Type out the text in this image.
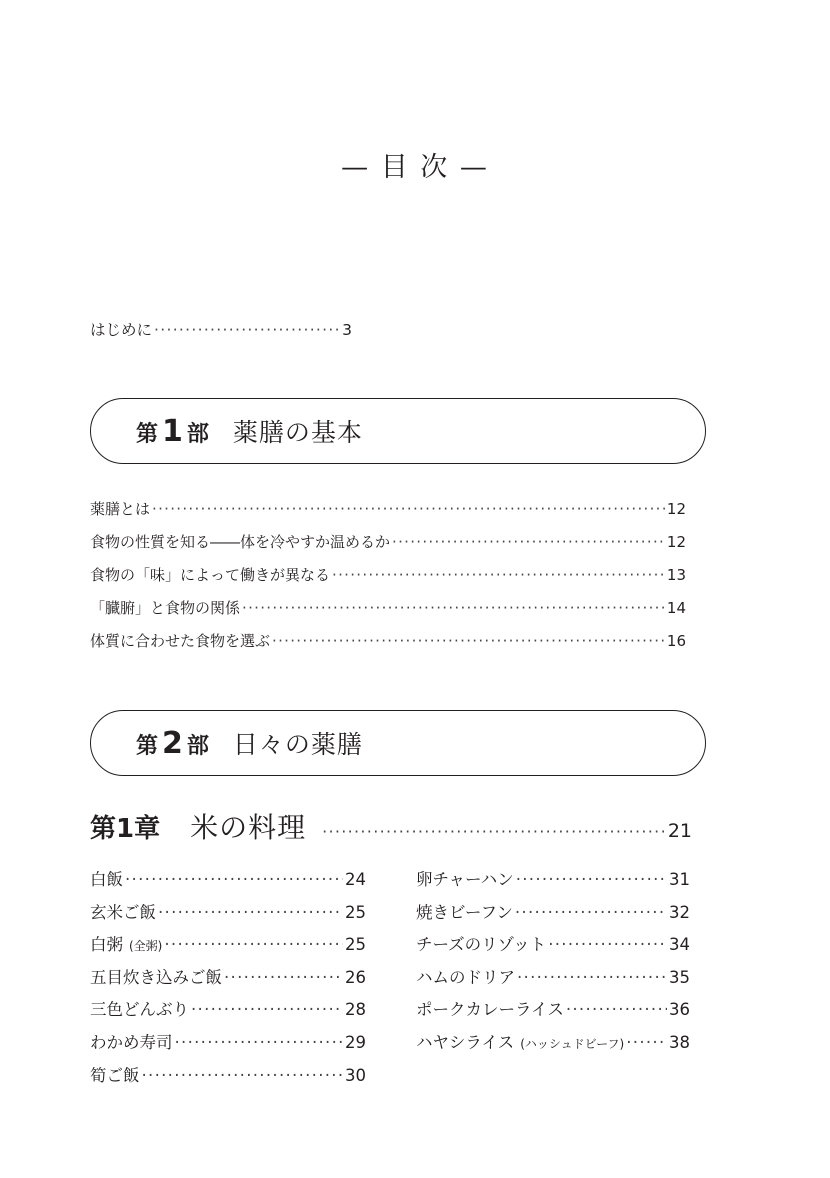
— 目 次 —
はじめに ·····	3
第 1 部 薬膳の基本
薬膳とは ·····	12
食物の性質を知る――体を冷やすか温めるか ·····	12
食物の「味」によって働きが異なる ·····	13
「臓腑」と食物の関係 ·····	14
体質に合わせた食物を選ぶ ·····	16
第 2 部 日々の薬膳
第1章 米の料理 ·····	21
白飯 ·····	24
玄米ご飯 ·····	25
白粥 (全粥) ·····	25
五目炊き込みご飯 ·····	26
三色どんぶり ·····	28
わかめ寿司 ·····	29
筍ご飯 ·····	30
卵チャーハン ·····	31
焼きビーフン ·····	32
チーズのリゾット ·····	34
ハムのドリア ·····	35
ポークカレーライス ·····	36
ハヤシライス (ハッシュドビーフ) ·····	38
